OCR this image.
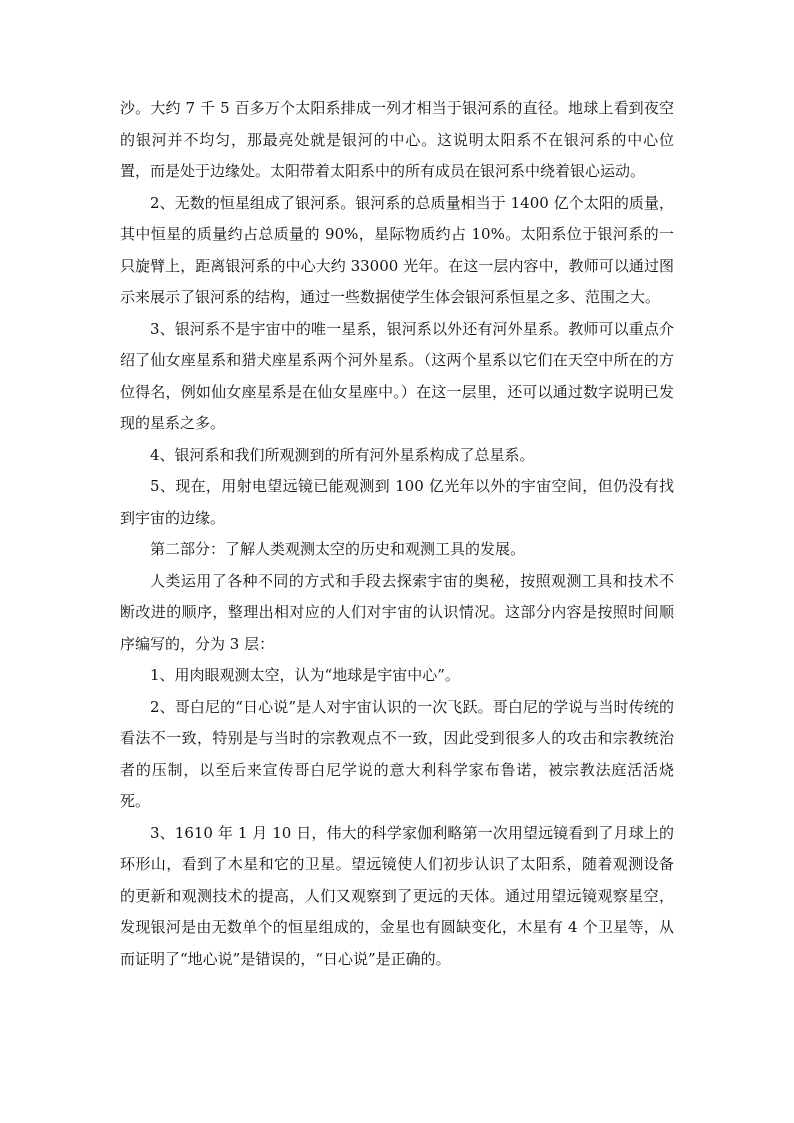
沙。大约 7 千 5 百多万个太阳系排成一列才相当于银河系的直径。地球上看到夜空的银河并不均匀，那最亮处就是银河的中心。这说明太阳系不在银河系的中心位置，而是处于边缘处。太阳带着太阳系中的所有成员在银河系中绕着银心运动。

2、无数的恒星组成了银河系。银河系的总质量相当于 1400 亿个太阳的质量，其中恒星的质量约占总质量的 90%，星际物质约占 10%。太阳系位于银河系的一只旋臂上，距离银河系的中心大约 33000 光年。在这一层内容中，教师可以通过图示来展示了银河系的结构，通过一些数据使学生体会银河系恒星之多、范围之大。

3、银河系不是宇宙中的唯一星系，银河系以外还有河外星系。教师可以重点介绍了仙女座星系和猎犬座星系两个河外星系。（这两个星系以它们在天空中所在的方位得名，例如仙女座星系是在仙女星座中。）在这一层里，还可以通过数字说明已发现的星系之多。

4、银河系和我们所观测到的所有河外星系构成了总星系。

5、现在，用射电望远镜已能观测到 100 亿光年以外的宇宙空间，但仍没有找到宇宙的边缘。

第二部分：了解人类观测太空的历史和观测工具的发展。

人类运用了各种不同的方式和手段去探索宇宙的奥秘，按照观测工具和技术不断改进的顺序，整理出相对应的人们对宇宙的认识情况。这部分内容是按照时间顺序编写的，分为 3 层：

1、用肉眼观测太空，认为“地球是宇宙中心”。

2、哥白尼的“日心说”是人对宇宙认识的一次飞跃。哥白尼的学说与当时传统的看法不一致，特别是与当时的宗教观点不一致，因此受到很多人的攻击和宗教统治者的压制，以至后来宣传哥白尼学说的意大利科学家布鲁诺，被宗教法庭活活烧死。

3、1610 年 1 月 10 日，伟大的科学家伽利略第一次用望远镜看到了月球上的环形山，看到了木星和它的卫星。望远镜使人们初步认识了太阳系，随着观测设备的更新和观测技术的提高，人们又观察到了更远的天体。通过用望远镜观察星空，发现银河是由无数单个的恒星组成的，金星也有圆缺变化，木星有 4 个卫星等，从而证明了“地心说”是错误的，“日心说”是正确的。
